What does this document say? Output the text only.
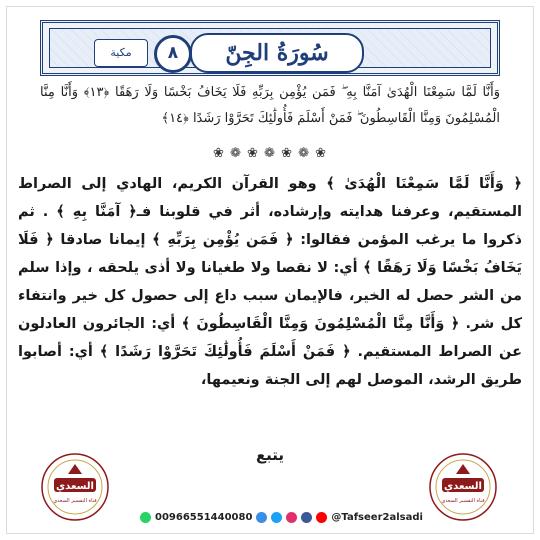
مكية	٨	سُورَةُ الجِنّ
وَأَنَّا لَمَّا سَمِعْنَا الْهُدَىٰ آمَنَّا بِهِ ۖ فَمَن يُؤْمِن بِرَبِّهِ فَلَا يَخَافُ بَخْسًا وَلَا رَهَقًا ﴿١٣﴾ وَأَنَّا مِنَّا الْمُسْلِمُونَ وَمِنَّا الْقَاسِطُونَ ۖ فَمَنْ أَسْلَمَ فَأُولَٰئِكَ تَحَرَّوْا رَشَدًا ﴿١٤﴾
❀ ❁ ❀ ❁ ❀ ❁ ❀
﴿ وَأَنَّا لَمَّا سَمِعْنَا الْهُدَىٰ ﴾ وهو القرآن الكريم، الهادي إلى الصراط المستقيم، وعرفنا هدايته وإرشاده، أثر في قلوبنا فـ﴿ آمَنَّا بِهِ ﴾ . ثم ذكروا ما يرغب المؤمن فقالوا: ﴿ فَمَن يُؤْمِن بِرَبِّهِ ﴾ إيمانا صادقا ﴿ فَلَا يَخَافُ بَخْسًا وَلَا رَهَقًا ﴾ أي: لا نقصا ولا طغيانا ولا أذى يلحقه ، وإذا سلم من الشر حصل له الخير، فالإيمان سبب داع إلى حصول كل خير وانتفاء كل شر. ﴿ وَأَنَّا مِنَّا الْمُسْلِمُونَ وَمِنَّا الْقَاسِطُونَ ﴾ أي: الجائرون العادلون عن الصراط المستقيم. ﴿ فَمَنْ أَسْلَمَ فَأُولَٰئِكَ تَحَرَّوْا رَشَدًا ﴾ أي: أصابوا طريق الرشد، الموصل لهم إلى الجنة ونعيمها،
يتبع
السعدي
قناة التفسير السعدي
السعدي
قناة التفسير السعدي
00966551440080	@Tafseer2alsadi
